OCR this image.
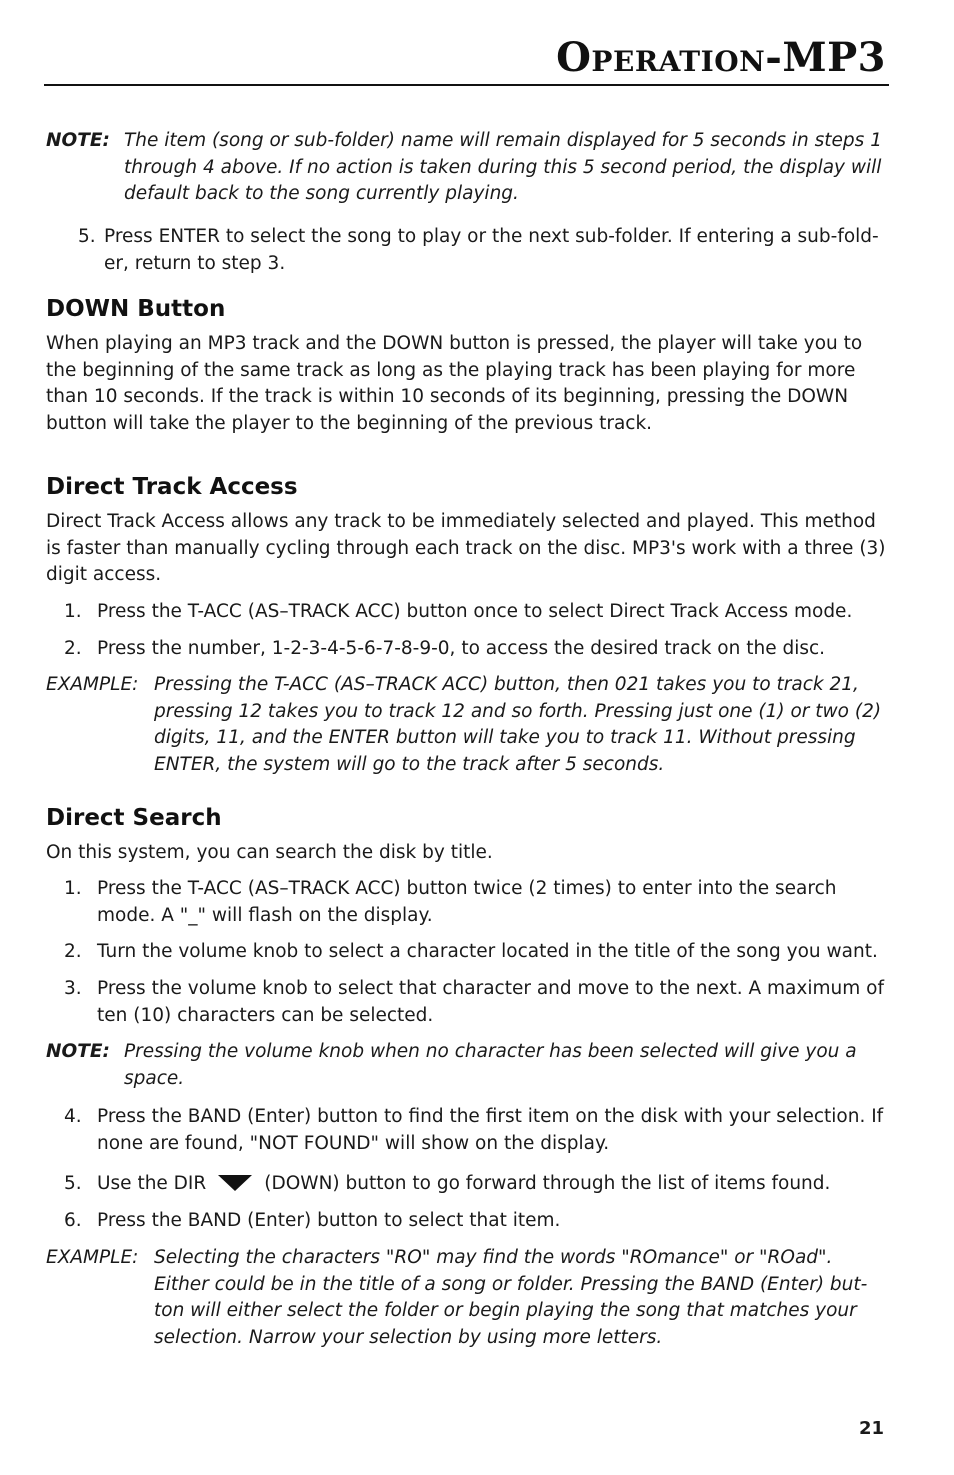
OPERATION-MP3
NOTE: The item (song or sub-folder) name will remain displayed for 5 seconds in steps 1 through 4 above. If no action is taken during this 5 second period, the display will default back to the song currently playing.
5. Press ENTER to select the song to play or the next sub-folder. If entering a sub-fold-er, return to step 3.
DOWN Button
When playing an MP3 track and the DOWN button is pressed, the player will take you to the beginning of the same track as long as the playing track has been playing for more than 10 seconds. If the track is within 10 seconds of its beginning, pressing the DOWN button will take the player to the beginning of the previous track.
Direct Track Access
Direct Track Access allows any track to be immediately selected and played. This method is faster than manually cycling through each track on the disc. MP3's work with a three (3) digit access.
1. Press the T-ACC (AS–TRACK ACC) button once to select Direct Track Access mode.
2. Press the number, 1-2-3-4-5-6-7-8-9-0, to access the desired track on the disc.
EXAMPLE: Pressing the T-ACC (AS–TRACK ACC) button, then 021 takes you to track 21, pressing 12 takes you to track 12 and so forth. Pressing just one (1) or two (2) digits, 11, and the ENTER button will take you to track 11. Without pressing ENTER, the system will go to the track after 5 seconds.
Direct Search
On this system, you can search the disk by title.
1. Press the T-ACC (AS–TRACK ACC) button twice (2 times) to enter into the search mode. A "_" will flash on the display.
2. Turn the volume knob to select a character located in the title of the song you want.
3. Press the volume knob to select that character and move to the next. A maximum of ten (10) characters can be selected.
NOTE: Pressing the volume knob when no character has been selected will give you a space.
4. Press the BAND (Enter) button to find the first item on the disk with your selection. If none are found, "NOT FOUND" will show on the display.
5. Use the DIR	(DOWN) button to go forward through the list of items found.
6. Press the BAND (Enter) button to select that item.
EXAMPLE: Selecting the characters "RO" may find the words "ROmance" or "ROad". Either could be in the title of a song or folder. Pressing the BAND (Enter) but-ton will either select the folder or begin playing the song that matches your selection. Narrow your selection by using more letters.
21
